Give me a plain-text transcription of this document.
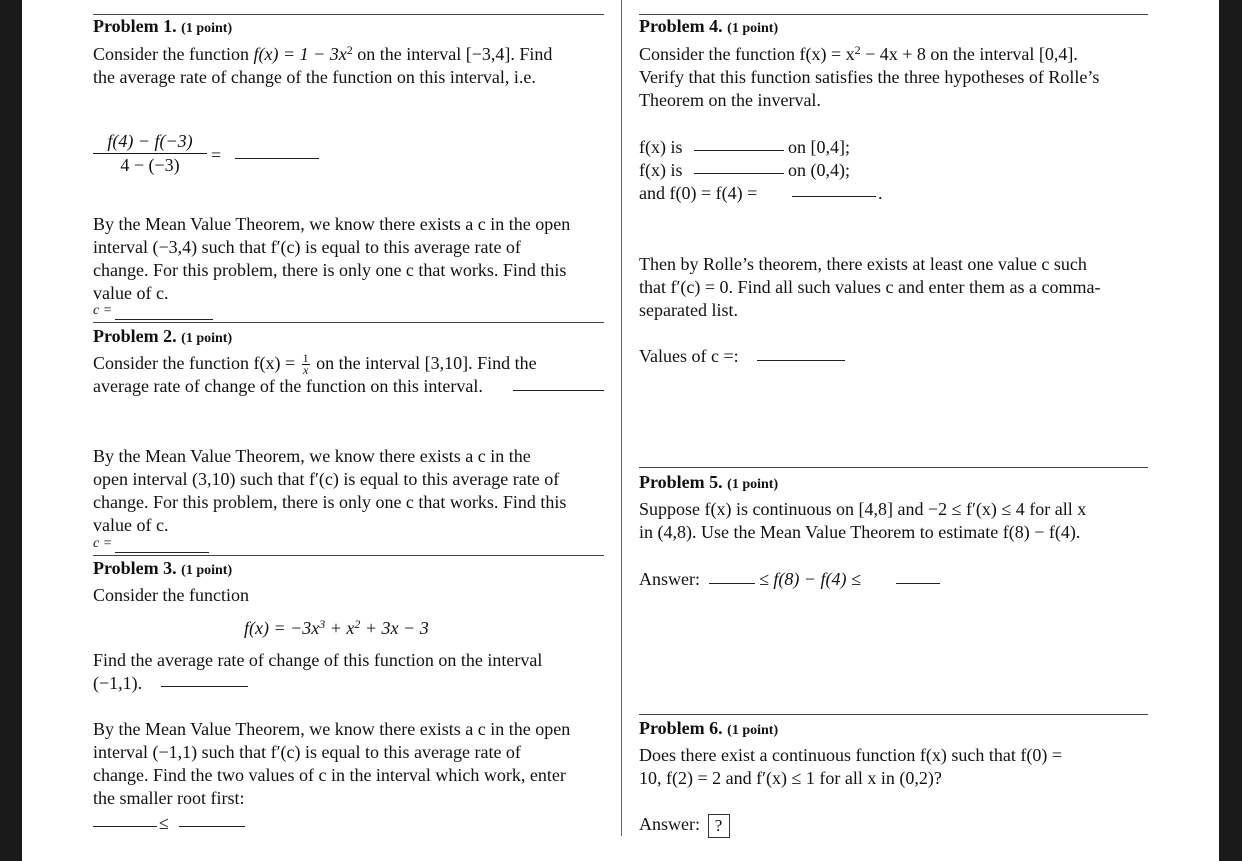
Problem 1. (1 point)
Consider the function $f(x) = 1 - 3x^2$ on the interval [−3,4]. Find
the average rate of change of the function on this interval, i.e.
$\frac{f(4) - f(-3)}{4 - (-3)}$ =
By the Mean Value Theorem, we know there exists a c in the open
interval (−3,4) such that f′(c) is equal to this average rate of
change. For this problem, there is only one c that works. Find this
value of c.
c =
Problem 2. (1 point)
Consider the function $f(x) = \frac{1}{x}$ on the interval [3,10]. Find the
average rate of change of the function on this interval.
By the Mean Value Theorem, we know there exists a c in the
open interval (3,10) such that f′(c) is equal to this average rate of
change. For this problem, there is only one c that works. Find this
value of c.
c =
Problem 3. (1 point)
Consider the function
$f(x) = -3x^3 + x^2 + 3x - 3$
Find the average rate of change of this function on the interval
(−1,1).
By the Mean Value Theorem, we know there exists a c in the open
interval (−1,1) such that f′(c) is equal to this average rate of
change. Find the two values of c in the interval which work, enter
the smaller root first:
≤
Problem 4. (1 point)
Consider the function $f(x) = x^2 - 4x + 8$ on the interval [0,4].
Verify that this function satisfies the three hypotheses of Rolle’s
Theorem on the inverval.
f(x) is	on [0,4];
f(x) is	on (0,4);
and f(0) = f(4) =	.
Then by Rolle’s theorem, there exists at least one value c such
that f′(c) = 0. Find all such values c and enter them as a comma-
separated list.
Values of c =:
Problem 5. (1 point)
Suppose f(x) is continuous on [4,8] and −2 ≤ f′(x) ≤ 4 for all x
in (4,8). Use the Mean Value Theorem to estimate f(8) − f(4).
Answer:	≤ f(8) − f(4) ≤
Problem 6. (1 point)
Does there exist a continuous function f(x) such that f(0) =
10, f(2) = 2 and f′(x) ≤ 1 for all x in (0,2)?
Answer: ?
